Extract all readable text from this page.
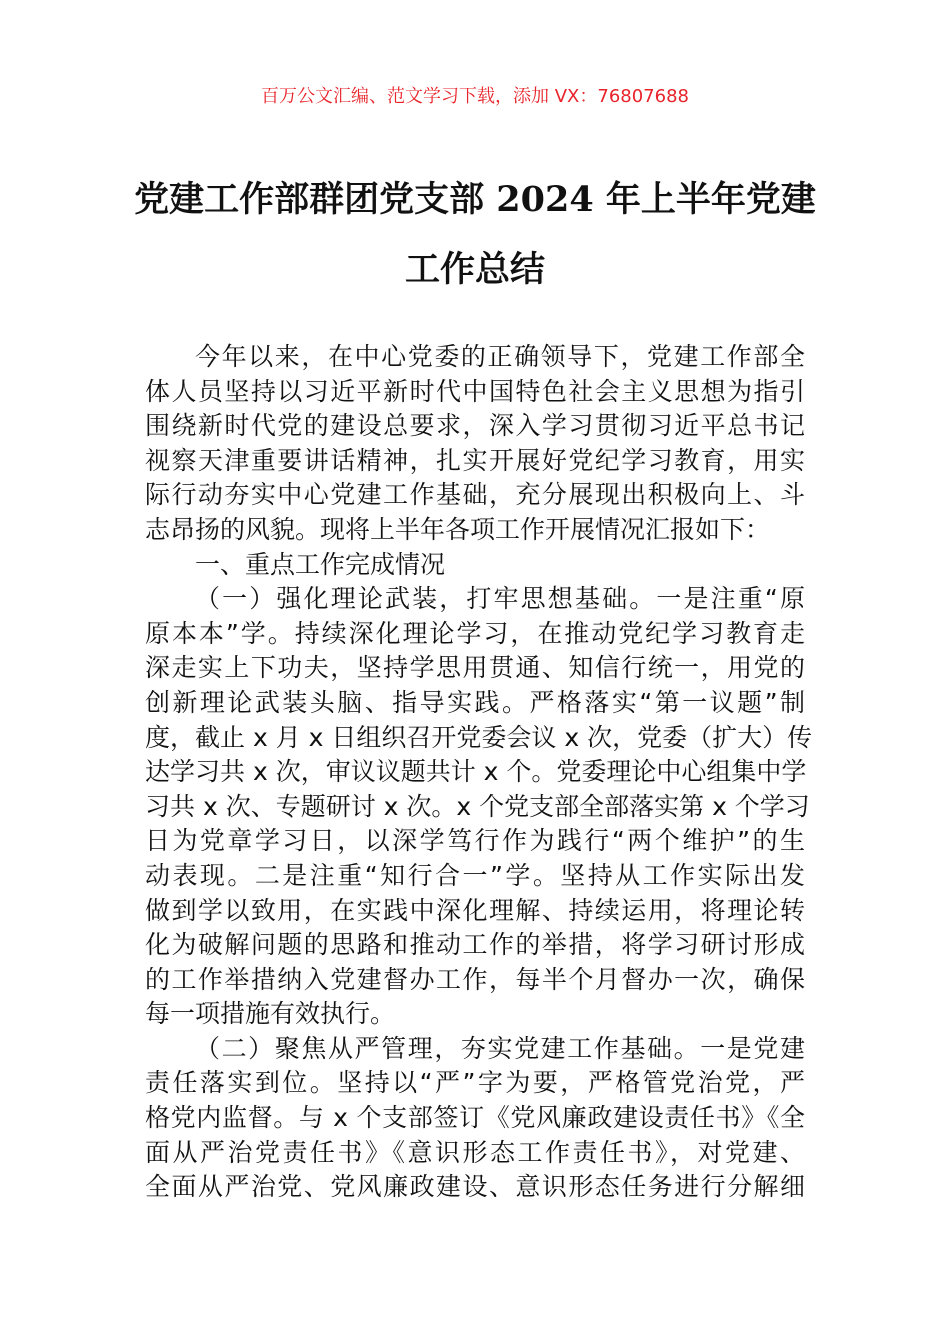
百万公文汇编、范文学习下载，添加 VX：76807688
党建工作部群团党支部 2024 年上半年党建
工作总结
今年以来，在中心党委的正确领导下，党建工作部全
体人员坚持以习近平新时代中国特色社会主义思想为指引
围绕新时代党的建设总要求，深入学习贯彻习近平总书记
视察天津重要讲话精神，扎实开展好党纪学习教育，用实
际行动夯实中心党建工作基础，充分展现出积极向上、斗
志昂扬的风貌。现将上半年各项工作开展情况汇报如下：
一、重点工作完成情况
（一）强化理论武装，打牢思想基础。一是注重“原
原本本”学。持续深化理论学习，在推动党纪学习教育走
深走实上下功夫，坚持学思用贯通、知信行统一，用党的
创新理论武装头脑、指导实践。严格落实“第一议题”制
度，截止 x 月 x 日组织召开党委会议 x 次，党委（扩大）传
达学习共 x 次，审议议题共计 x 个。党委理论中心组集中学
习共 x 次、专题研讨 x 次。x 个党支部全部落实第 x 个学习
日为党章学习日，以深学笃行作为践行“两个维护”的生
动表现。二是注重“知行合一”学。坚持从工作实际出发
做到学以致用，在实践中深化理解、持续运用，将理论转
化为破解问题的思路和推动工作的举措，将学习研讨形成
的工作举措纳入党建督办工作，每半个月督办一次，确保
每一项措施有效执行。
（二）聚焦从严管理，夯实党建工作基础。一是党建
责任落实到位。坚持以“严”字为要，严格管党治党，严
格党内监督。与 x 个支部签订《党风廉政建设责任书》《全
面从严治党责任书》《意识形态工作责任书》，对党建、
全面从严治党、党风廉政建设、意识形态任务进行分解细
